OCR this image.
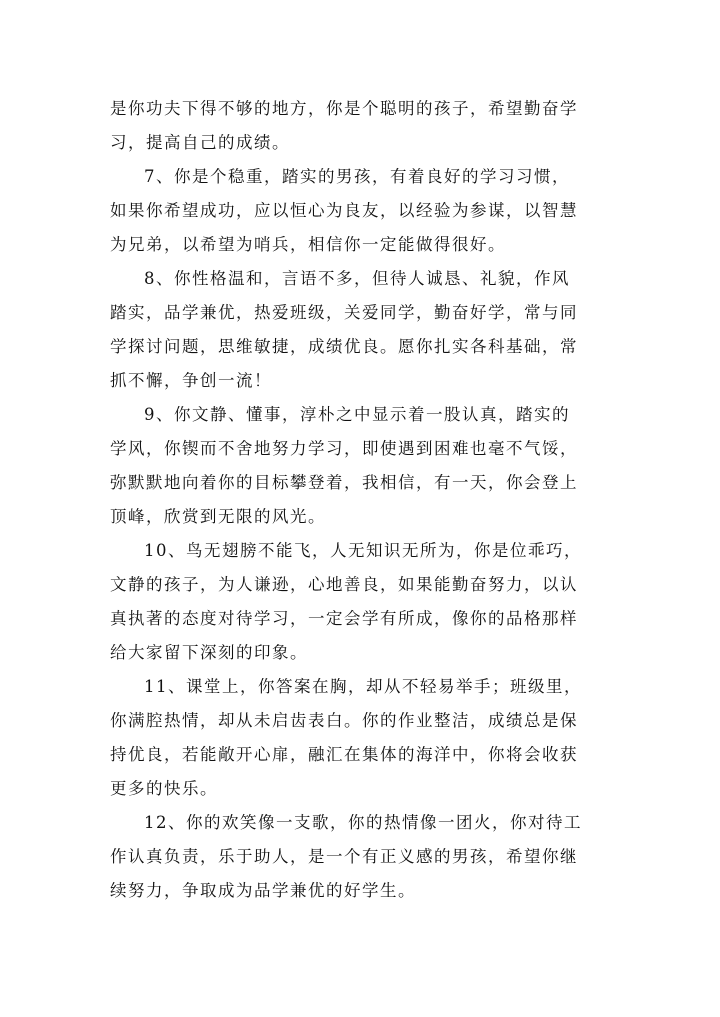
是你功夫下得不够的地方，你是个聪明的孩子，希望勤奋学
习，提高自己的成绩。
7、你是个稳重，踏实的男孩，有着良好的学习习惯，
如果你希望成功，应以恒心为良友，以经验为参谋，以智慧
为兄弟，以希望为哨兵，相信你一定能做得很好。
8、你性格温和，言语不多，但待人诚恳、礼貌，作风
踏实，品学兼优，热爱班级，关爱同学，勤奋好学，常与同
学探讨问题，思维敏捷，成绩优良。愿你扎实各科基础，常
抓不懈，争创一流！
9、你文静、懂事，淳朴之中显示着一股认真，踏实的
学风，你锲而不舍地努力学习，即使遇到困难也毫不气馁，
弥默默地向着你的目标攀登着，我相信，有一天，你会登上
顶峰，欣赏到无限的风光。
10、鸟无翅膀不能飞，人无知识无所为，你是位乖巧，
文静的孩子，为人谦逊，心地善良，如果能勤奋努力，以认
真执著的态度对待学习，一定会学有所成，像你的品格那样
给大家留下深刻的印象。
11、课堂上，你答案在胸，却从不轻易举手；班级里，
你满腔热情，却从未启齿表白。你的作业整洁，成绩总是保
持优良，若能敞开心扉，融汇在集体的海洋中，你将会收获
更多的快乐。
12、你的欢笑像一支歌，你的热情像一团火，你对待工
作认真负责，乐于助人，是一个有正义感的男孩，希望你继
续努力，争取成为品学兼优的好学生。
